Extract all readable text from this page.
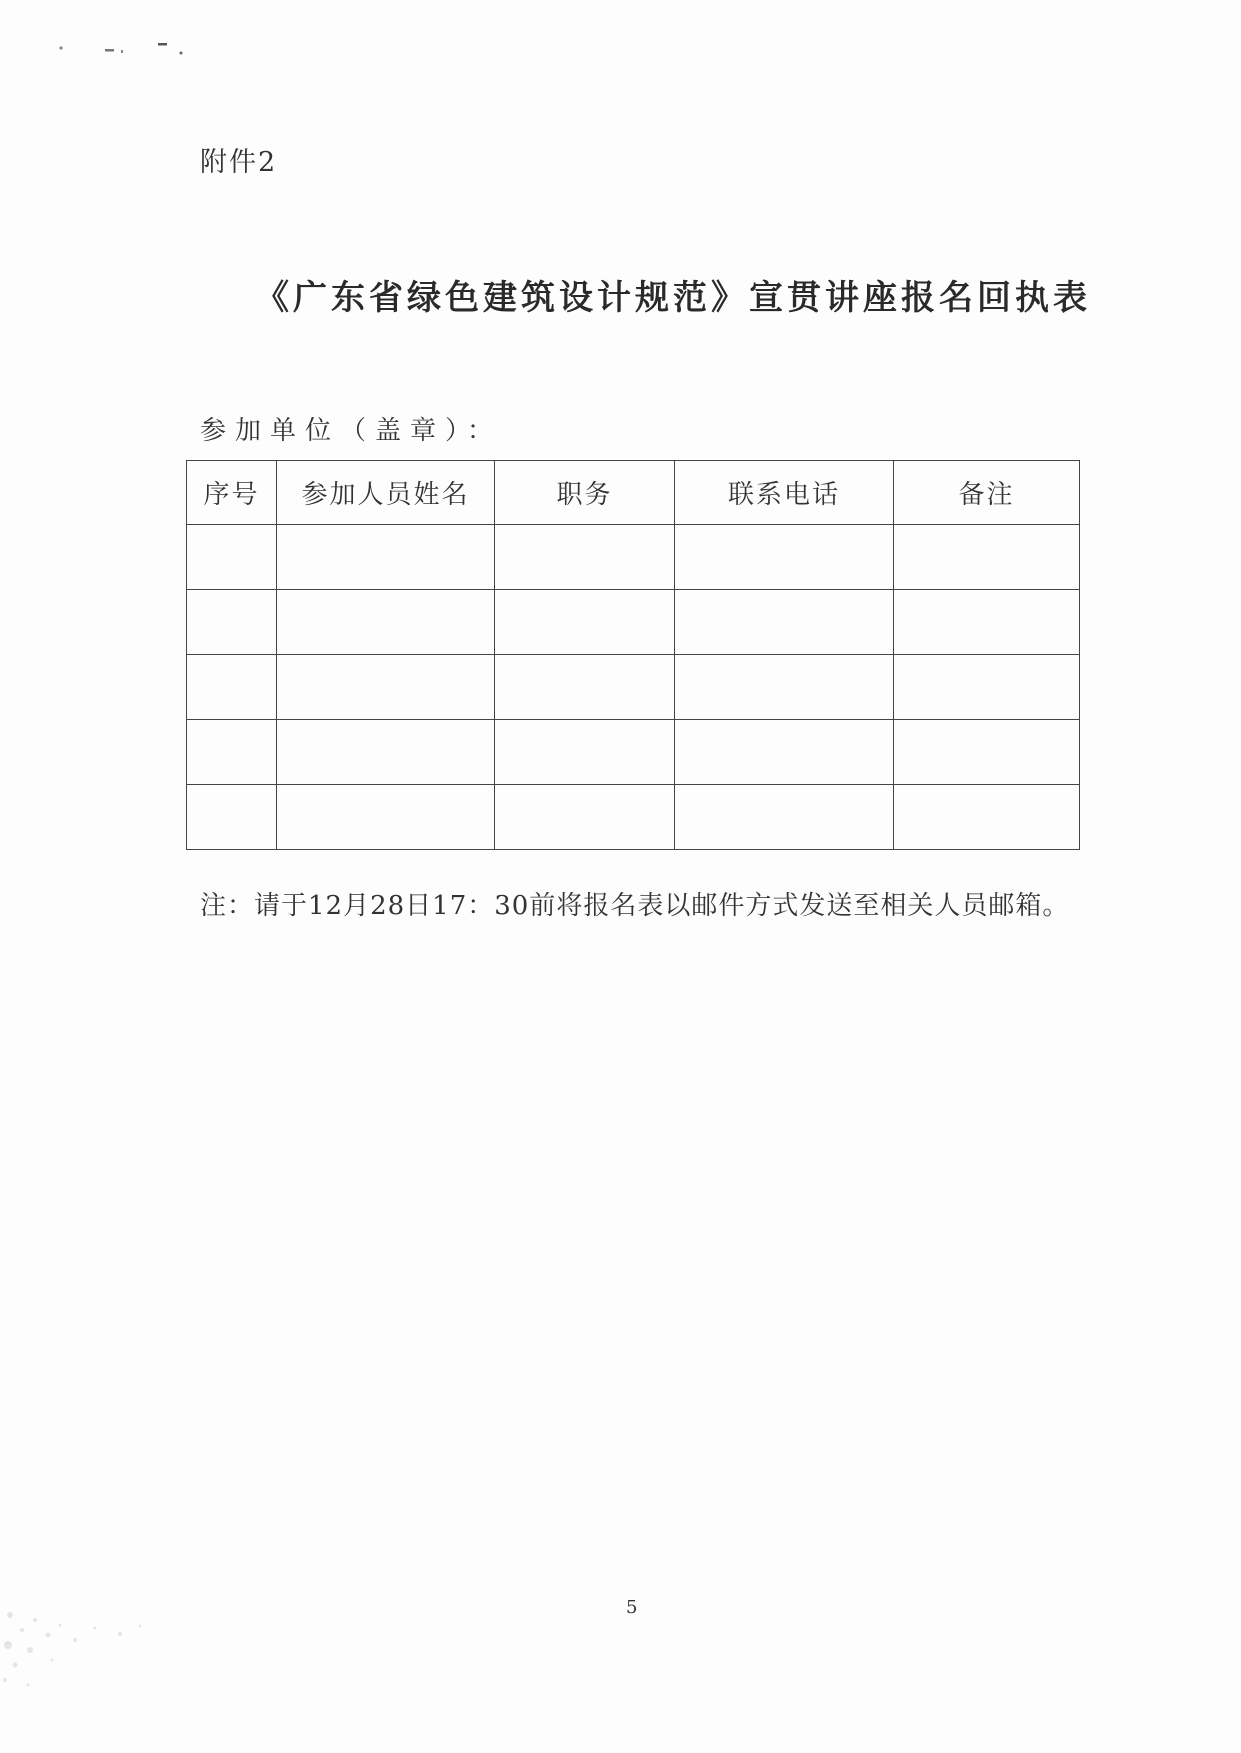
附件2
《广东省绿色建筑设计规范》宣贯讲座报名回执表
参加单位（盖章）：
序号	参加人员姓名	职务	联系电话	备注

注：请于12月28日17：30前将报名表以邮件方式发送至相关人员邮箱。
5
